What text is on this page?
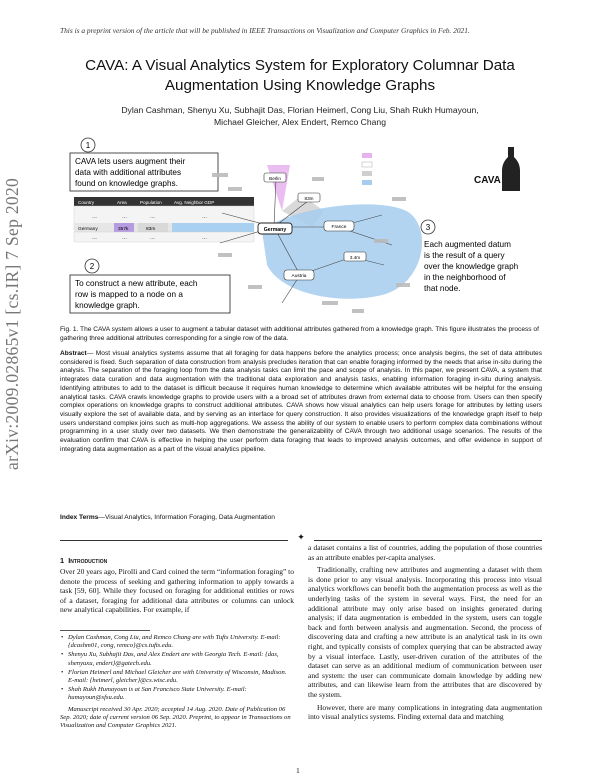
This is a preprint version of the article that will be published in IEEE Transactions on Visualization and Computer Graphics in Feb. 2021.
arXiv:2009.02865v1 [cs.IR] 7 Sep 2020
CAVA: A Visual Analytics System for Exploratory Columnar Data
Augmentation Using Knowledge Graphs
Dylan Cashman, Shenyu Xu, Subhajit Das, Florian Heimerl, Cong Liu, Shah Rukh Humayoun,
Michael Gleicher, Alex Endert, Remco Chang
1
2
3
CAVA lets users augment their
data with additional attributes
found on knowledge graphs.
Country	Area	Population	Avg. Neighbor GDP
…	…	…	…
Germany	357k	83m
…	…	…	…
To construct a new attribute, each
row is mapped to a node on a
knowledge graph.
Berlin
83m
Germany	France
Austria
3.4m
CAVA
Each augmented datum
is the result of a query
over the knowledge graph
in the neighborhood of
that node.
Fig. 1. The CAVA system allows a user to augment a tabular dataset with additional attributes gathered from a knowledge graph. This figure illustrates the process of gathering three additional attributes corresponding for a single row of the data.
Abstract— Most visual analytics systems assume that all foraging for data happens before the analytics process; once analysis begins, the set of data attributes considered is fixed. Such separation of data construction from analysis precludes iteration that can enable foraging informed by the needs that arise in-situ during the analysis. The separation of the foraging loop from the data analysis tasks can limit the pace and scope of analysis. In this paper, we present CAVA, a system that integrates data curation and data augmentation with the traditional data exploration and analysis tasks, enabling information foraging in-situ during analysis. Identifying attributes to add to the dataset is difficult because it requires human knowledge to determine which available attributes will be helpful for the ensuing analytical tasks. CAVA crawls knowledge graphs to provide users with a a broad set of attributes drawn from external data to choose from. Users can then specify complex operations on knowledge graphs to construct additional attributes. CAVA shows how visual analytics can help users forage for attributes by letting users visually explore the set of available data, and by serving as an interface for query construction. It also provides visualizations of the knowledge graph itself to help users understand complex joins such as multi-hop aggregations. We assess the ability of our system to enable users to perform complex data combinations without programming in a user study over two datasets. We then demonstrate the generalizability of CAVA through two additional usage scenarios. The results of the evaluation confirm that CAVA is effective in helping the user perform data foraging that leads to improved analysis outcomes, and offer evidence in support of integrating data augmentation as a part of the visual analytics pipeline.
Index Terms—Visual Analytics, Information Foraging, Data Augmentation
✦
1 Introduction

Over 20 years ago, Pirolli and Card coined the term “information foraging” to denote the process of seeking and gathering information to apply towards a task [59, 60]. While they focused on foraging for additional entities or rows of a dataset, foraging for additional data attributes or columns can unlock new analytical capabilities. For example, if

• Dylan Cashman, Cong Liu, and Remco Chang are with Tufts University. E-mail: {dcashm01, cong, remco}@cs.tufts.edu.
• Shenyu Xu, Subhajit Das, and Alex Endert are with Georgia Tech. E-mail: {das, shenyuxu, endert}@gatech.edu.
• Florian Heimerl and Michael Gleicher are with University of Wisconsin, Madison. E-mail: {heimerl, gleicher}@cs.wisc.edu.
• Shah Rukh Humayoun is at San Francisco State University. E-mail: humayoun@sfsu.edu.
Manuscript received 30 Apr. 2020; accepted 14 Aug. 2020. Date of Publication 06 Sep. 2020; date of current version 06 Sep. 2020. Preprint, to appear in Transactions on Visualization and Computer Graphics 2021.

a dataset contains a list of countries, adding the population of those countries as an attribute enables per-capita analyses.

Traditionally, crafting new attributes and augmenting a dataset with them is done prior to any visual analysis. Incorporating this process into visual analytics workflows can benefit both the augmentation process as well as the underlying tasks of the system in several ways. First, the need for an additional attribute may only arise based on insights generated during analysis; if data augmentation is embedded in the system, users can toggle back and forth between analysis and augmentation. Second, the process of discovering data and crafting a new attribute is an analytical task in its own right, and typically consists of complex querying that can be abstracted away by a visual interface. Lastly, user-driven curation of the attributes of the dataset can serve as an additional medium of communication between user and system: the user can communicate domain knowledge by adding new attributes, and can likewise learn from the attributes that are discovered by the system.

However, there are many complications in integrating data augmentation into visual analytics systems. Finding external data and matching

1
